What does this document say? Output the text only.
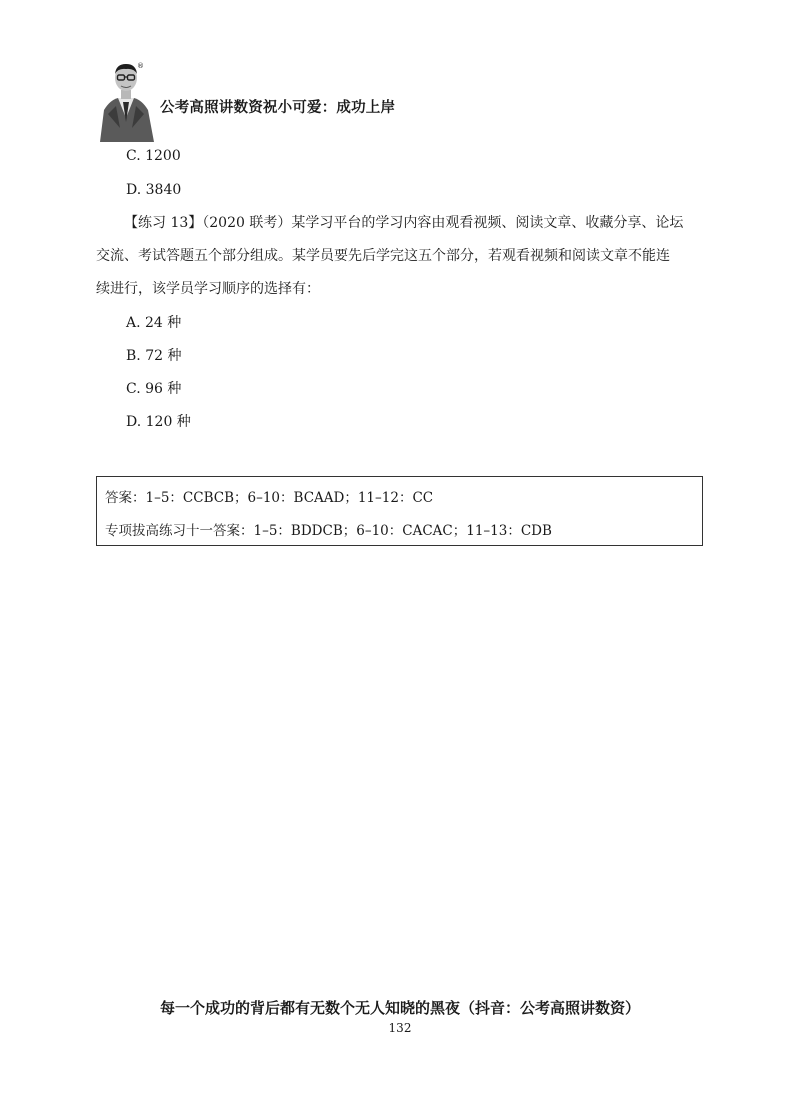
®
公考高照讲数资祝小可爱：成功上岸
C. 1200
D. 3840
【练习 13】（2020 联考）某学习平台的学习内容由观看视频、阅读文章、收藏分享、论坛
交流、考试答题五个部分组成。某学员要先后学完这五个部分，若观看视频和阅读文章不能连
续进行，该学员学习顺序的选择有：
A. 24 种
B. 72 种
C. 96 种
D. 120 种
答案：1–5：CCBCB；6–10：BCAAD；11–12：CC
专项拔高练习十一答案：1–5：BDDCB；6–10：CACAC；11–13：CDB
每一个成功的背后都有无数个无人知晓的黑夜（抖音：公考高照讲数资）
132
